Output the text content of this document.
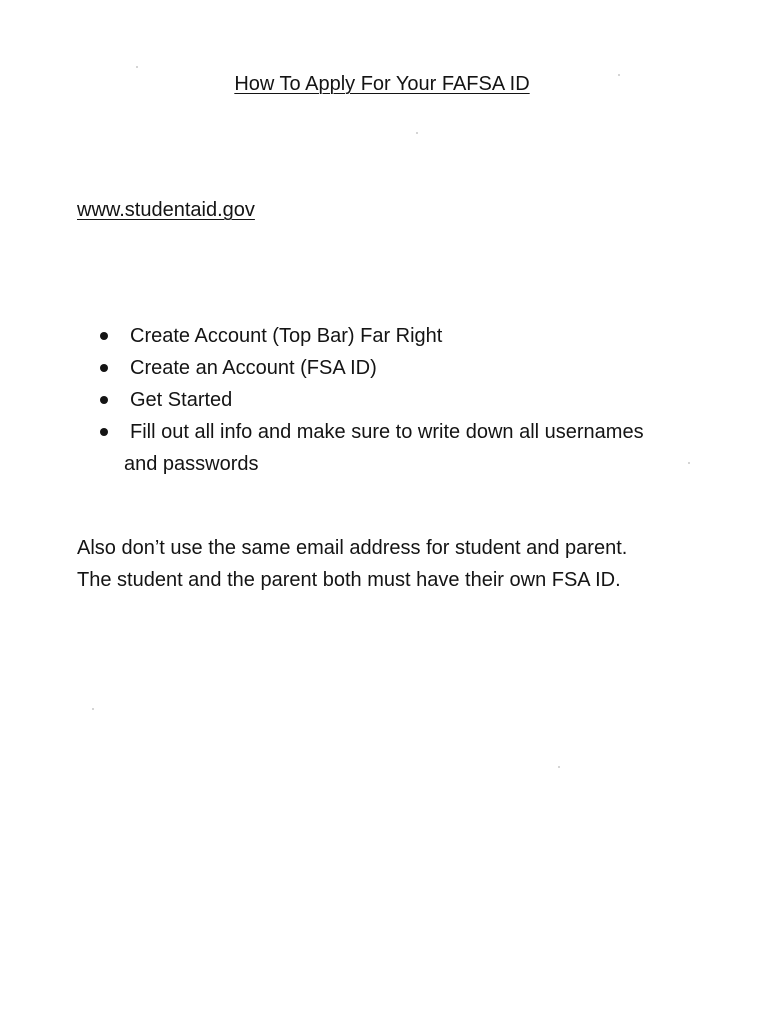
How To Apply For Your FAFSA ID
www.studentaid.gov
Create Account (Top Bar) Far Right
Create an Account (FSA ID)
Get Started
Fill out all info and make sure to write down all usernames
and passwords

Also don’t use the same email address for student and parent.

The student and the parent both must have their own FSA ID.
